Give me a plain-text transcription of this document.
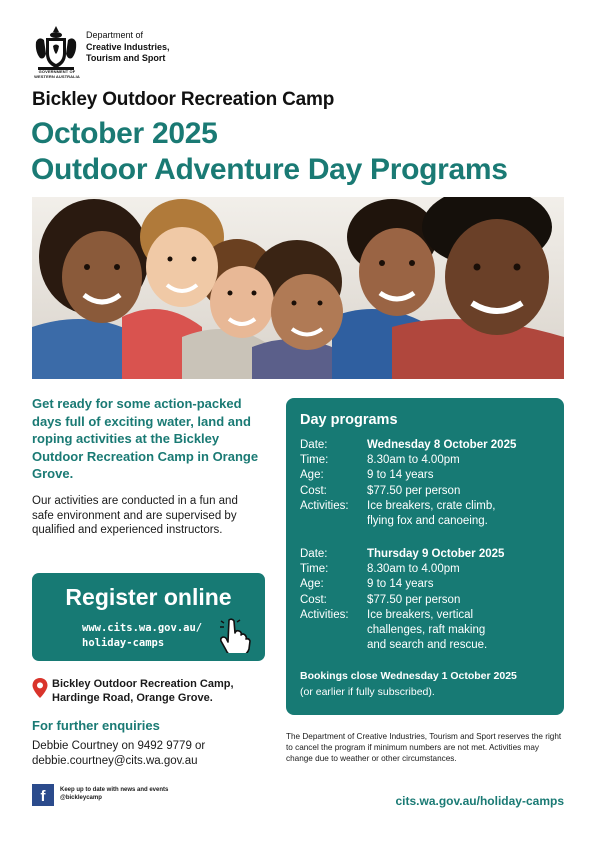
GOVERNMENT OF
WESTERN AUSTRALIA
Department of
Creative Industries,
Tourism and Sport
Bickley Outdoor Recreation Camp
October 2025
Outdoor Adventure Day Programs
Get ready for some action-packed days full of exciting water, land and roping activities at the Bickley Outdoor Recreation Camp in Orange Grove.
Our activities are conducted in a fun and safe environment and are supervised by qualified and experienced instructors.
Register online
www.cits.wa.gov.au/
holiday-camps
Bickley Outdoor Recreation Camp,
Hardinge Road, Orange Grove.
For further enquiries
Debbie Courtney on 9492 9779 or
debbie.courtney@cits.wa.gov.au
f	Keep up to date with news and events
@bickleycamp
Day programs
Date:	Wednesday 8 October 2025
Time:	8.30am to 4.00pm
Age:	9 to 14 years
Cost:	$77.50 per person
Activities:	Ice breakers, crate climb,
flying fox and canoeing.
Date:	Thursday 9 October 2025
Time:	8.30am to 4.00pm
Age:	9 to 14 years
Cost:	$77.50 per person
Activities:	Ice breakers, vertical
challenges, raft making
and search and rescue.
Bookings close Wednesday 1 October 2025
(or earlier if fully subscribed).
The Department of Creative Industries, Tourism and Sport reserves the right to cancel the program if minimum numbers are not met. Activities may change due to weather or other circumstances.
cits.wa.gov.au/holiday-camps
